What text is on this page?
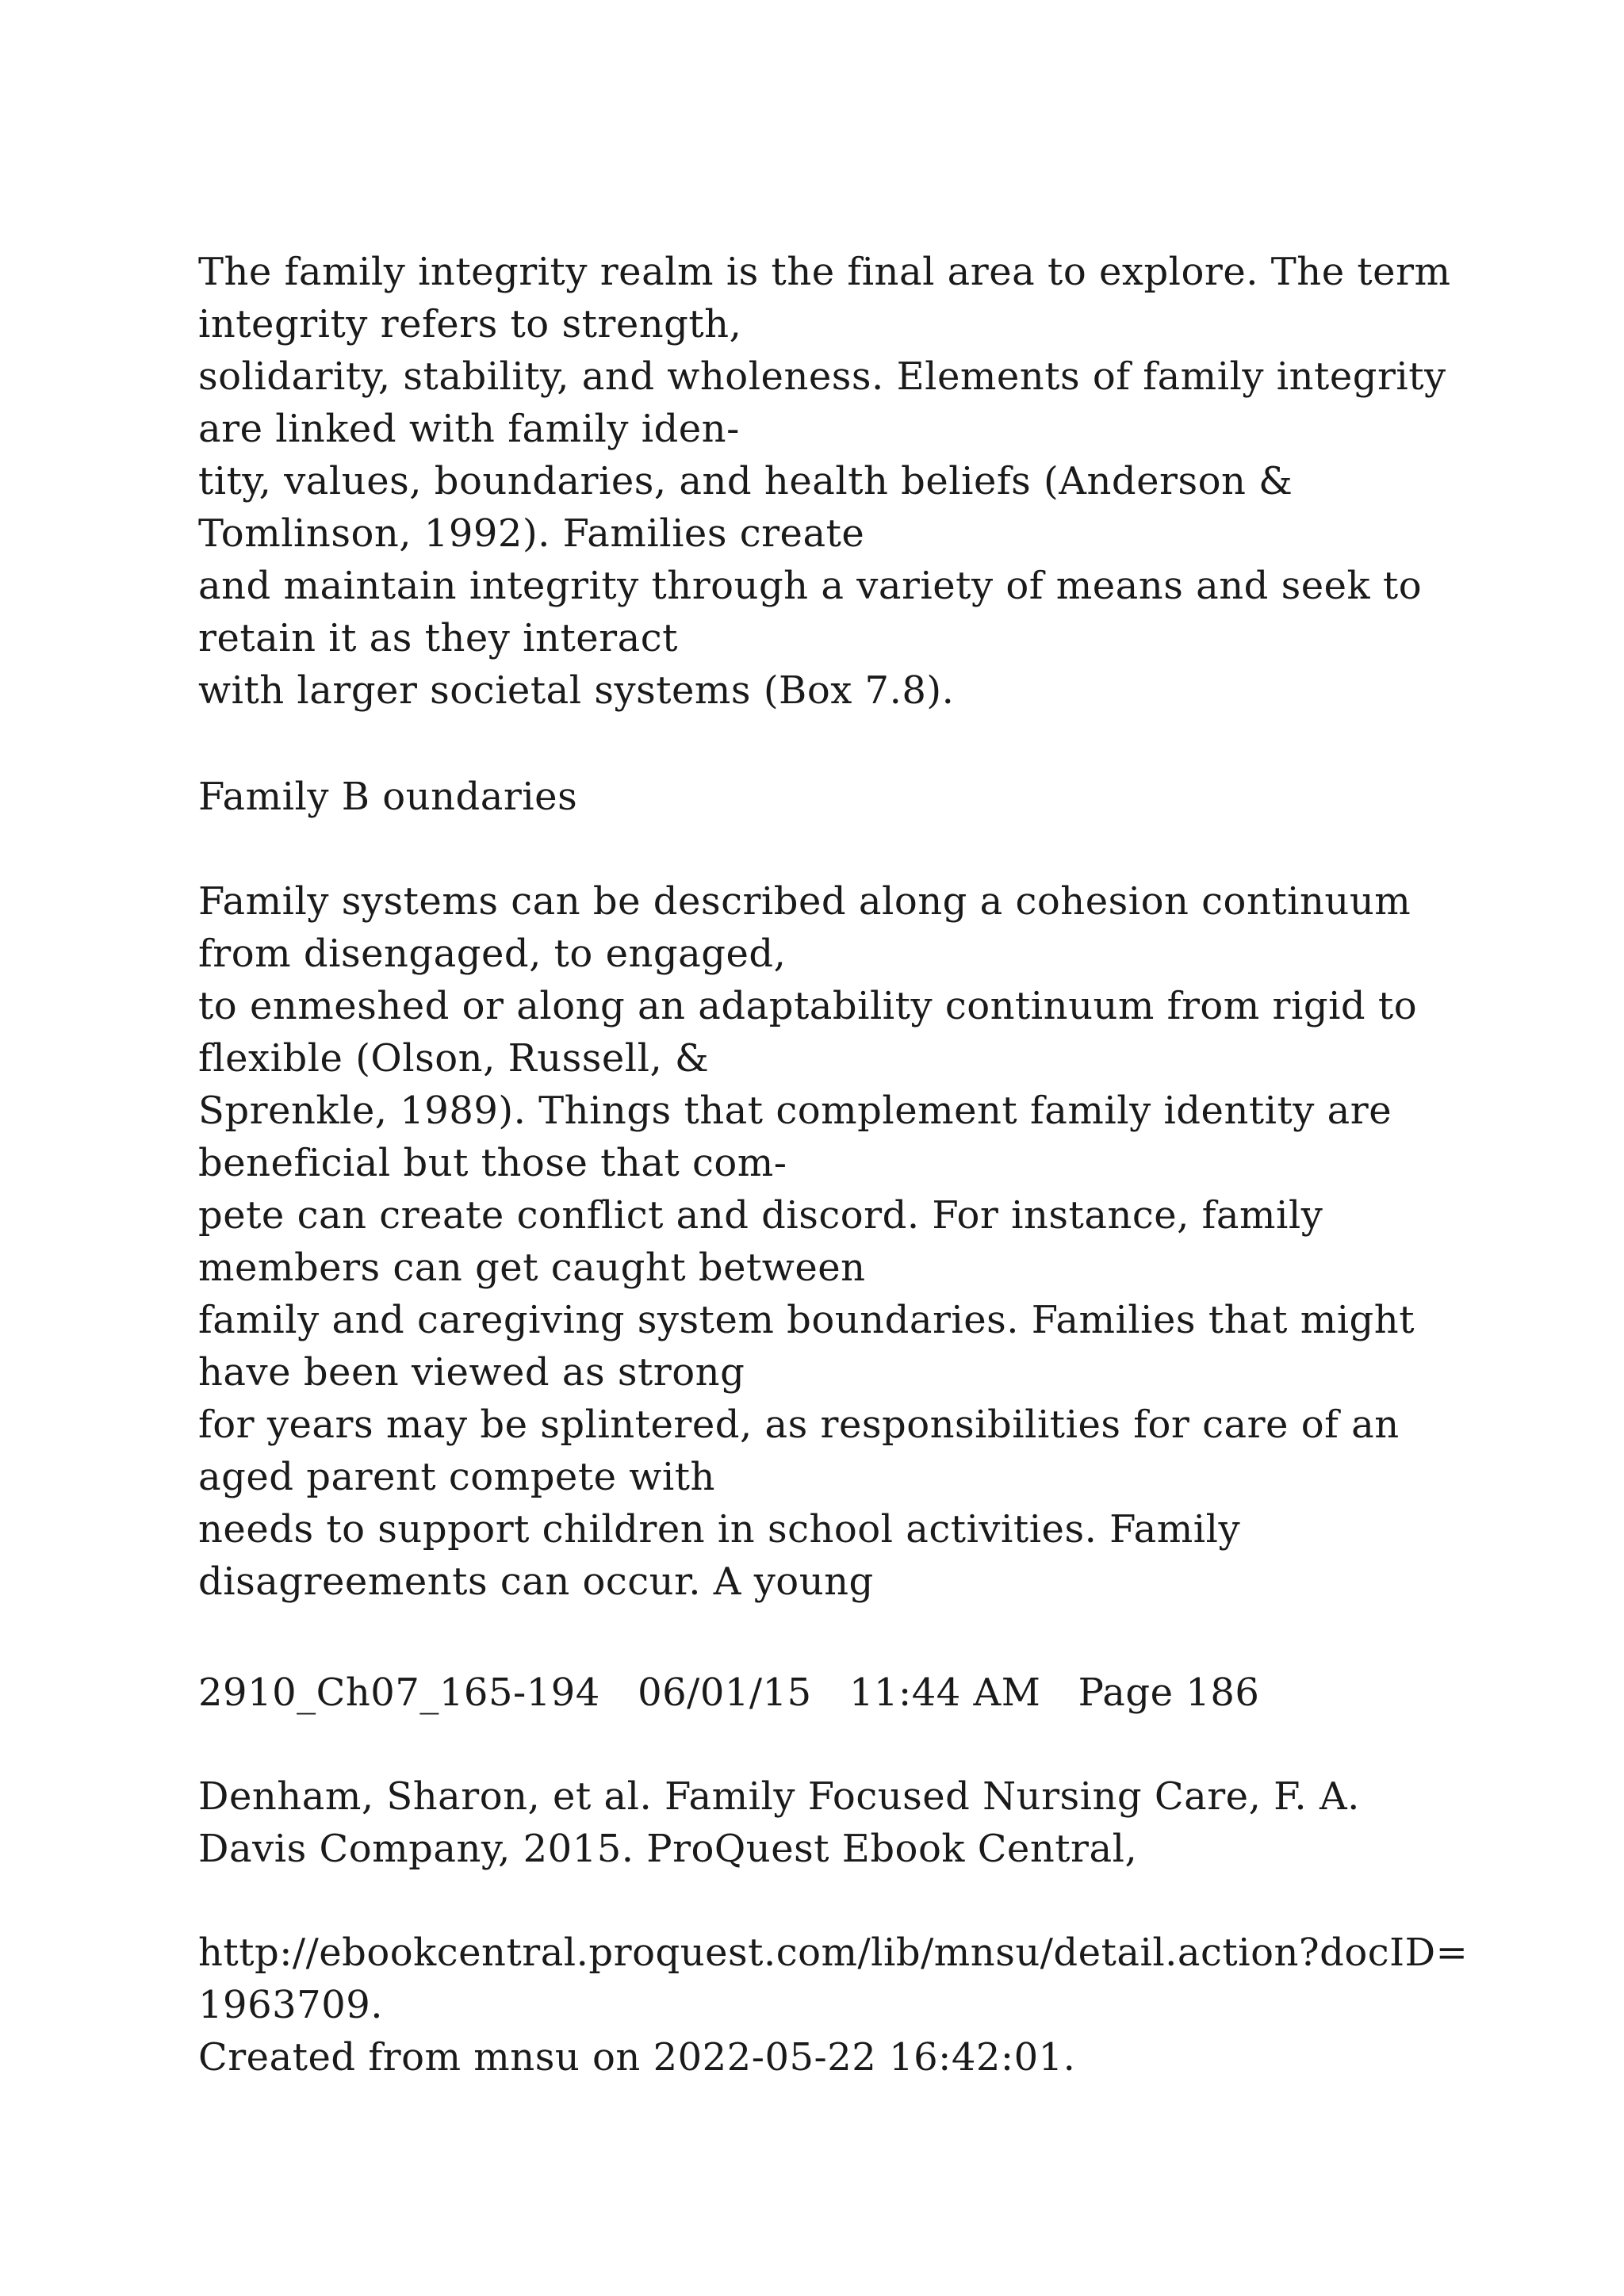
The family integrity realm is the final area to explore. The term
integrity refers to strength,
solidarity, stability, and wholeness. Elements of family integrity
are linked with family iden-
tity, values, boundaries, and health beliefs (Anderson &
Tomlinson, 1992). Families create
and maintain integrity through a variety of means and seek to
retain it as they interact
with larger societal systems (Box 7.8).
Family B oundaries
Family systems can be described along a cohesion continuum
from disengaged, to engaged,
to enmeshed or along an adaptability continuum from rigid to
flexible (Olson, Russell, &
Sprenkle, 1989). Things that complement family identity are
beneficial but those that com-
pete can create conflict and discord. For instance, family
members can get caught between
family and caregiving system boundaries. Families that might
have been viewed as strong
for years may be splintered, as responsibilities for care of an
aged parent compete with
needs to support children in school activities. Family
disagreements can occur. A young
2910_Ch07_165-194   06/01/15   11:44 AM   Page 186
Denham, Sharon, et al. Family Focused Nursing Care, F. A.
Davis Company, 2015. ProQuest Ebook Central,
http://ebookcentral.proquest.com/lib/mnsu/detail.action?docID=
1963709.
Created from mnsu on 2022-05-22 16:42:01.
